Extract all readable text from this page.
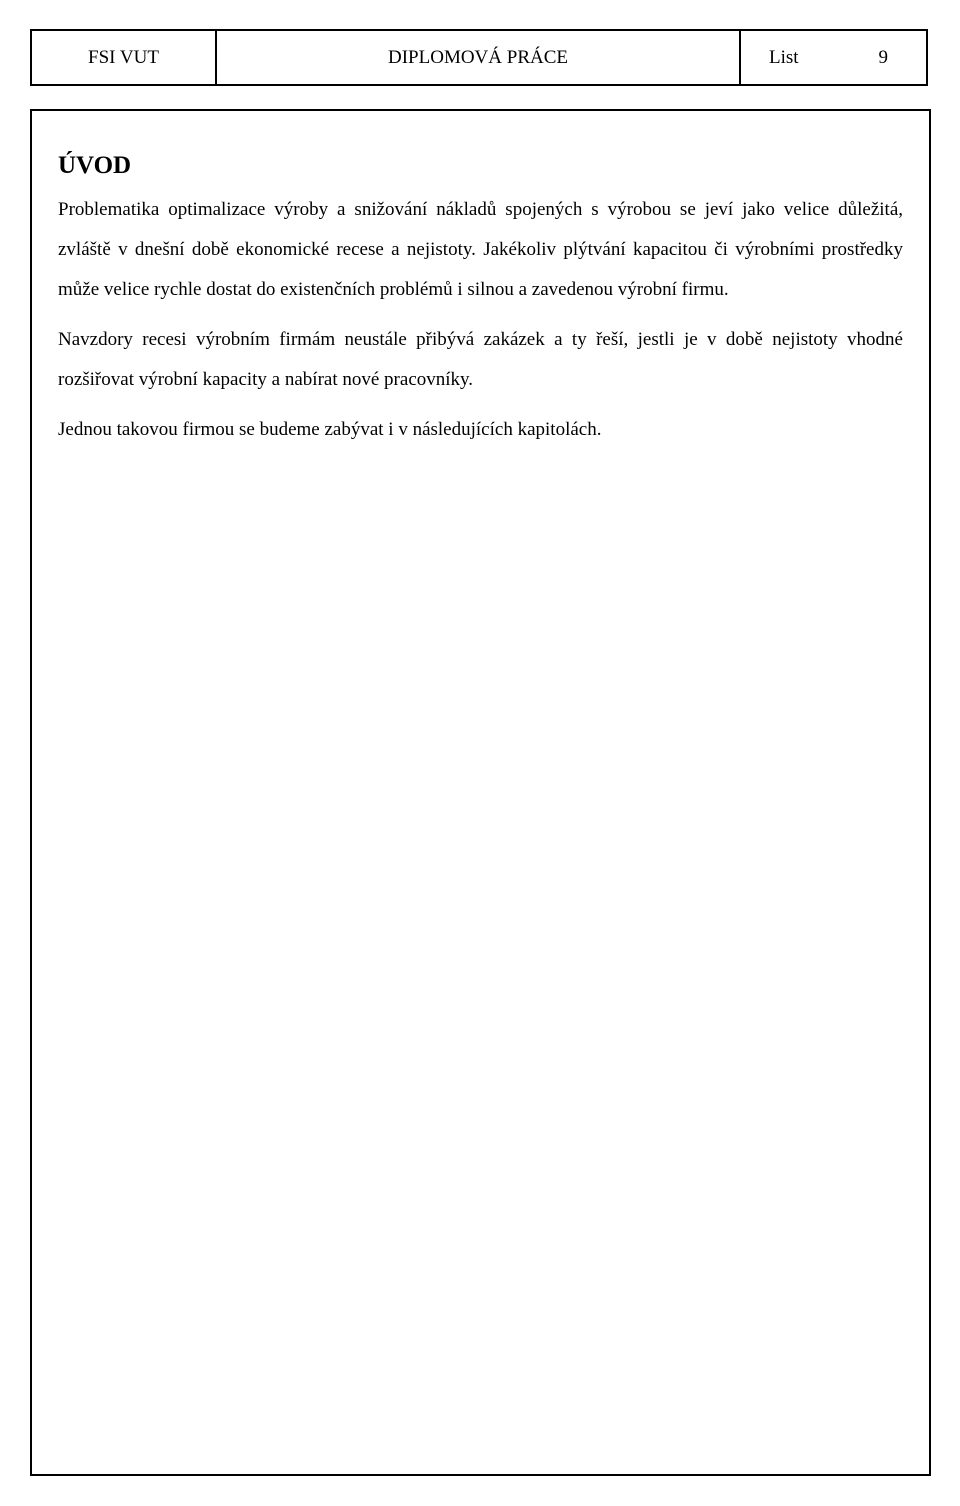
FSI VUT	DIPLOMOVÁ PRÁCE	List	9
ÚVOD

Problematika optimalizace výroby a snižování nákladů spojených s výrobou se jeví jako velice důležitá, zvláště v dnešní době ekonomické recese a nejistoty. Jakékoliv plýtvání kapacitou či výrobními prostředky může velice rychle dostat do existenčních problémů i silnou a zavedenou výrobní firmu.

Navzdory recesi výrobním firmám neustále přibývá zakázek a ty řeší, jestli je v době nejistoty vhodné rozšiřovat výrobní kapacity a nabírat nové pracovníky.

Jednou takovou firmou se budeme zabývat i v následujících kapitolách.
